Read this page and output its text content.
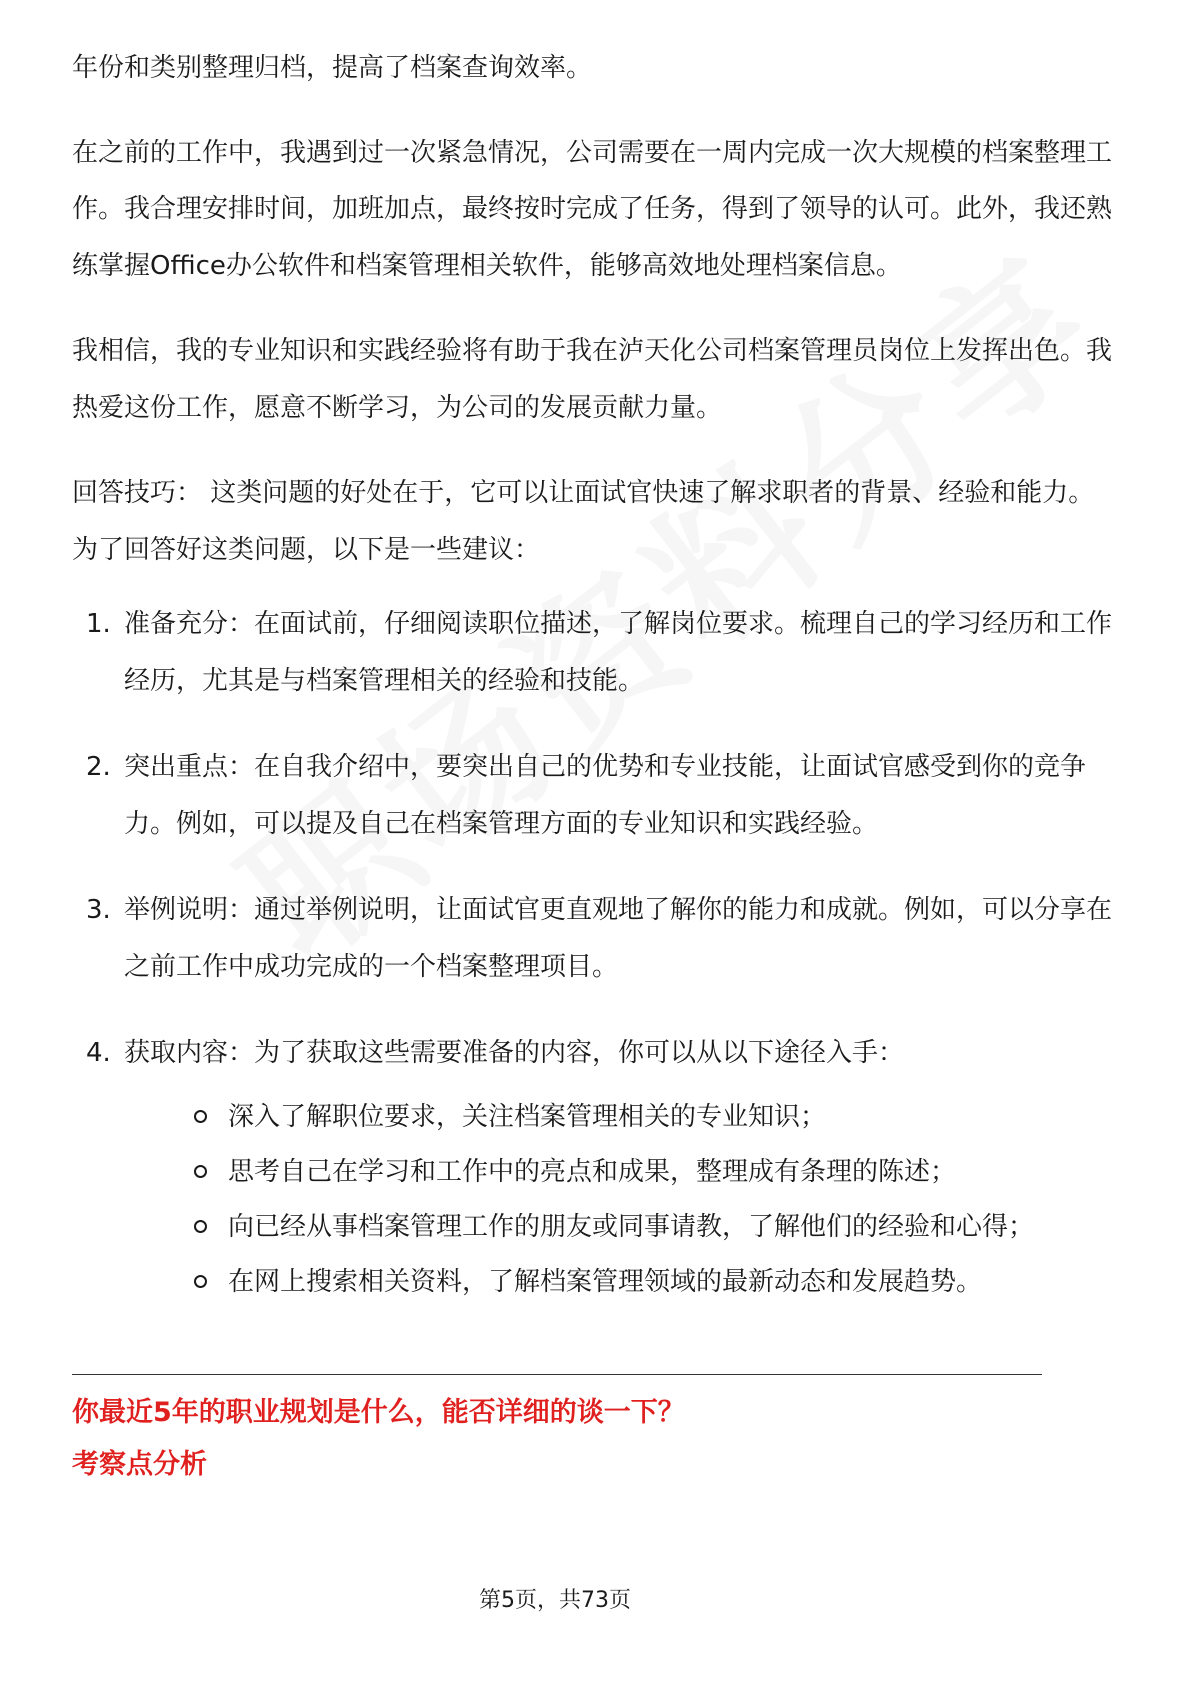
年份和类别整理归档，提高了档案查询效率。

在之前的工作中，我遇到过一次紧急情况，公司需要在一周内完成一次大规模的档案整理工作。我合理安排时间，加班加点，最终按时完成了任务，得到了领导的认可。此外，我还熟练掌握Office办公软件和档案管理相关软件，能够高效地处理档案信息。

我相信，我的专业知识和实践经验将有助于我在泸天化公司档案管理员岗位上发挥出色。我热爱这份工作，愿意不断学习，为公司的发展贡献力量。

回答技巧： 这类问题的好处在于，它可以让面试官快速了解求职者的背景、经验和能力。为了回答好这类问题，以下是一些建议：

1. 准备充分：在面试前，仔细阅读职位描述，了解岗位要求。梳理自己的学习经历和工作经历，尤其是与档案管理相关的经验和技能。
2. 突出重点：在自我介绍中，要突出自己的优势和专业技能，让面试官感受到你的竞争力。例如，可以提及自己在档案管理方面的专业知识和实践经验。
3. 举例说明：通过举例说明，让面试官更直观地了解你的能力和成就。例如，可以分享在之前工作中成功完成的一个档案整理项目。
4. 获取内容：为了获取这些需要准备的内容，你可以从以下途径入手：
深入了解职位要求，关注档案管理相关的专业知识；
思考自己在学习和工作中的亮点和成果，整理成有条理的陈述；
向已经从事档案管理工作的朋友或同事请教，了解他们的经验和心得；
在网上搜索相关资料，了解档案管理领域的最新动态和发展趋势。
你最近5年的职业规划是什么，能否详细的谈一下？
考察点分析
第5页，共73页
